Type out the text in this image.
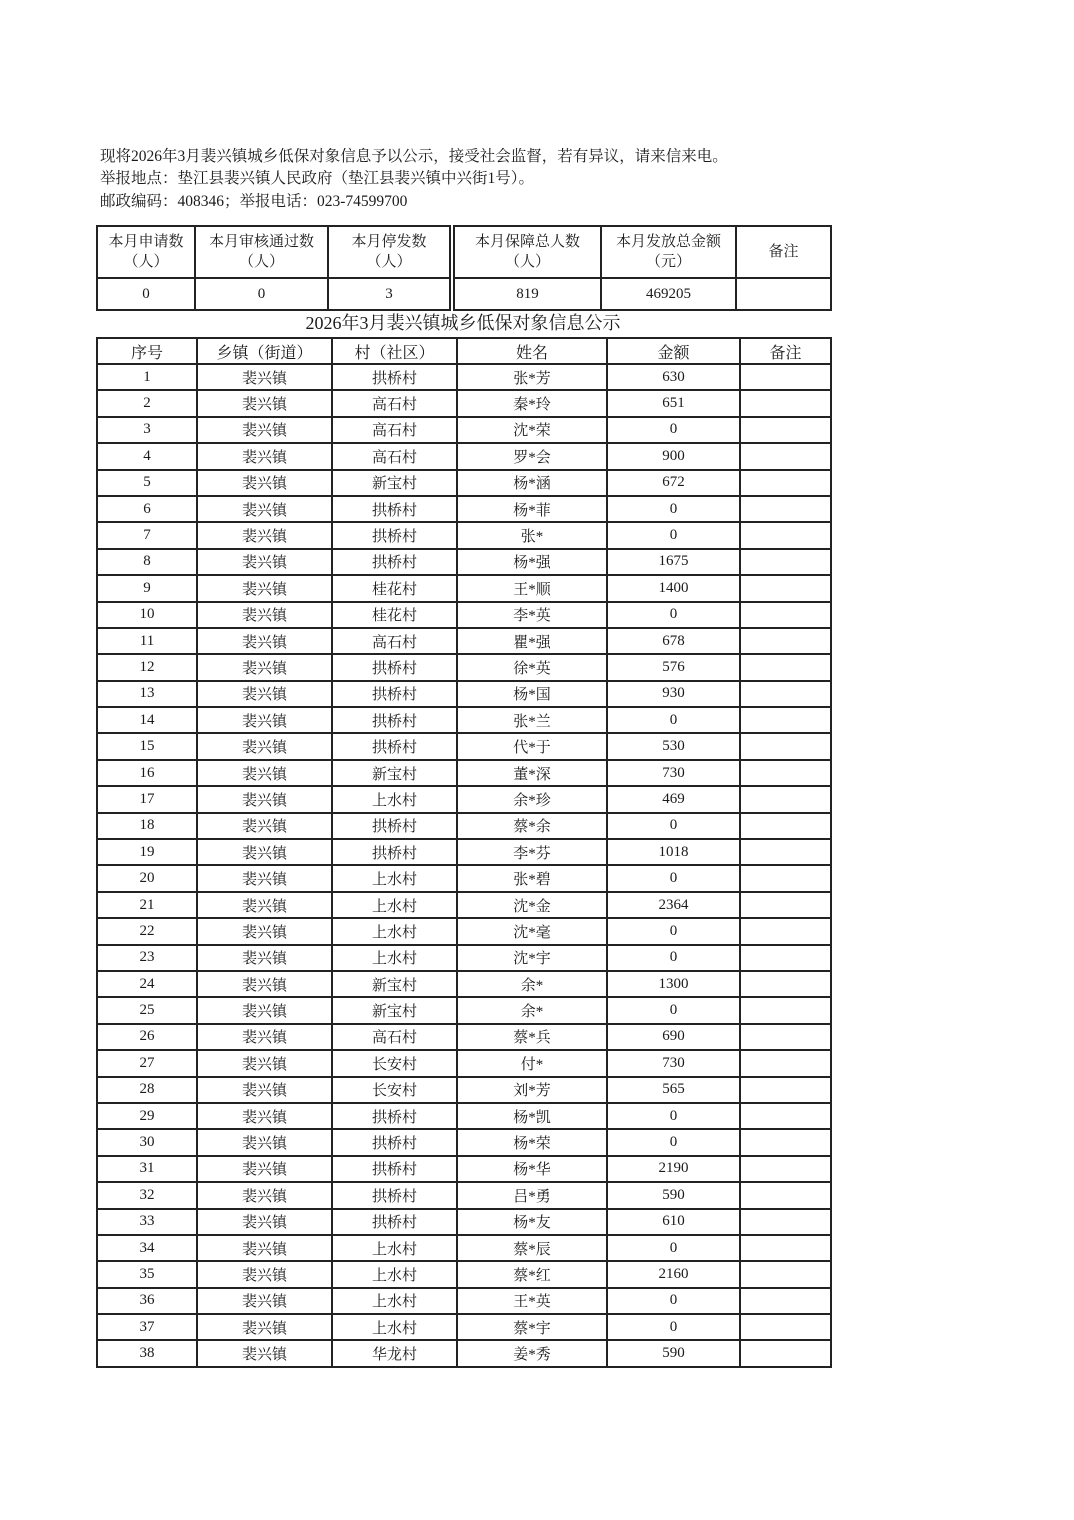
现将2026年3月裴兴镇城乡低保对象信息予以公示，接受社会监督，若有异议，请来信来电。
举报地点：垫江县裴兴镇人民政府（垫江县裴兴镇中兴街1号）。
邮政编码：408346；举报电话：023-74599700
本月申请数
（人）	本月审核通过数
（人）	本月停发数
（人）	本月保障总人数
（人）	本月发放总金额
（元）	备注

0	0	3	819	469205	
2026年3月裴兴镇城乡低保对象信息公示
序号	乡镇（街道）	村（社区）	姓名	金额	备注
1	裴兴镇	拱桥村	张*芳	630	
2	裴兴镇	高石村	秦*玲	651	
3	裴兴镇	高石村	沈*荣	0	
4	裴兴镇	高石村	罗*会	900	
5	裴兴镇	新宝村	杨*涵	672	
6	裴兴镇	拱桥村	杨*菲	0	
7	裴兴镇	拱桥村	张*	0	
8	裴兴镇	拱桥村	杨*强	1675	
9	裴兴镇	桂花村	王*顺	1400	
10	裴兴镇	桂花村	李*英	0	
11	裴兴镇	高石村	瞿*强	678	
12	裴兴镇	拱桥村	徐*英	576	
13	裴兴镇	拱桥村	杨*国	930	
14	裴兴镇	拱桥村	张*兰	0	
15	裴兴镇	拱桥村	代*于	530	
16	裴兴镇	新宝村	董*深	730	
17	裴兴镇	上水村	余*珍	469	
18	裴兴镇	拱桥村	蔡*余	0	
19	裴兴镇	拱桥村	李*芬	1018	
20	裴兴镇	上水村	张*碧	0	
21	裴兴镇	上水村	沈*金	2364	
22	裴兴镇	上水村	沈*毫	0	
23	裴兴镇	上水村	沈*宇	0	
24	裴兴镇	新宝村	余*	1300	
25	裴兴镇	新宝村	余*	0	
26	裴兴镇	高石村	蔡*兵	690	
27	裴兴镇	长安村	付*	730	
28	裴兴镇	长安村	刘*芳	565	
29	裴兴镇	拱桥村	杨*凯	0	
30	裴兴镇	拱桥村	杨*荣	0	
31	裴兴镇	拱桥村	杨*华	2190	
32	裴兴镇	拱桥村	吕*勇	590	
33	裴兴镇	拱桥村	杨*友	610	
34	裴兴镇	上水村	蔡*辰	0	
35	裴兴镇	上水村	蔡*红	2160	
36	裴兴镇	上水村	王*英	0	
37	裴兴镇	上水村	蔡*宇	0	
38	裴兴镇	华龙村	姜*秀	590	
